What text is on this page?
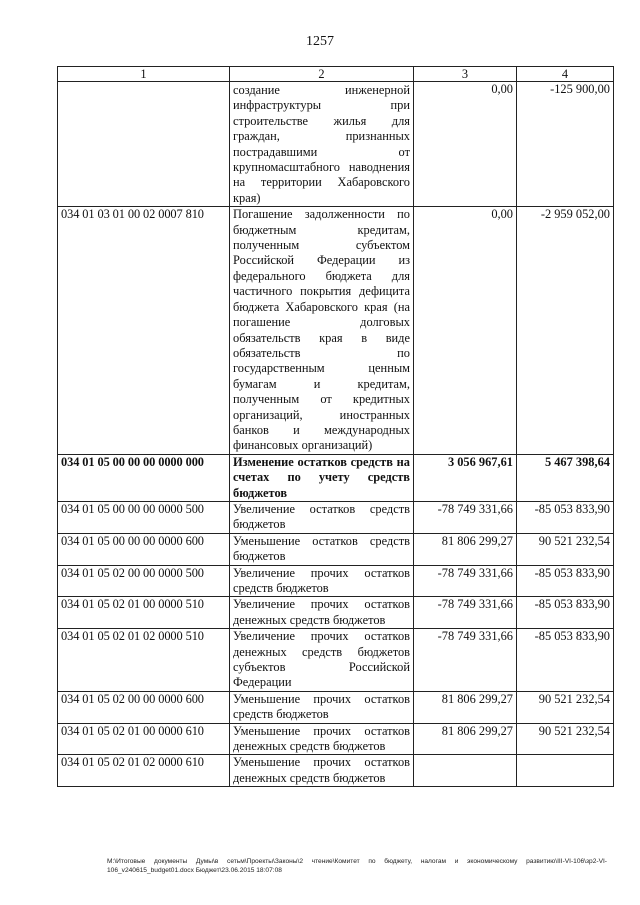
1257
1	2	3	4
	создание инженерной инфраструктуры при строительстве жилья для граждан, признанных пострадавшими от крупномасштабного наводнения на территории Хабаровского края)	0,00	-125 900,00
034 01 03 01 00 02 0007 810	Погашение задолженности по бюджетным кредитам, полученным субъектом Российской Федерации из федерального бюджета для частичного покрытия дефицита бюджета Хабаровского края (на погашение долговых обязательств края в виде обязательств по государственным ценным бумагам и кредитам, полученным от кредитных организаций, иностранных банков и международных финансовых организаций)	0,00	-2 959 052,00
034 01 05 00 00 00 0000 000	Изменение остатков средств на счетах по учету средств бюджетов	3 056 967,61	5 467 398,64
034 01 05 00 00 00 0000 500	Увеличение остатков средств бюджетов	-78 749 331,66	-85 053 833,90
034 01 05 00 00 00 0000 600	Уменьшение остатков средств бюджетов	81 806 299,27	90 521 232,54
034 01 05 02 00 00 0000 500	Увеличение прочих остатков средств бюджетов	-78 749 331,66	-85 053 833,90
034 01 05 02 01 00 0000 510	Увеличение прочих остатков денежных средств бюджетов	-78 749 331,66	-85 053 833,90
034 01 05 02 01 02 0000 510	Увеличение прочих остатков денежных средств бюджетов субъектов Российской Федерации	-78 749 331,66	-85 053 833,90
034 01 05 02 00 00 0000 600	Уменьшение прочих остатков средств бюджетов	81 806 299,27	90 521 232,54
034 01 05 02 01 00 0000 610	Уменьшение прочих остатков денежных средств бюджетов	81 806 299,27	90 521 232,54
034 01 05 02 01 02 0000 610	Уменьшение прочих остатков денежных средств бюджетов		
M:\Итоговые документы Думы\в сетьм\Проекты\Законы\2 чтение\Комитет по бюджету, налогам и экономическому развитию\III-VI-106\зр2-VI-106_v240615_budget01.docx Бюджет\23.06.2015 18:07:08
